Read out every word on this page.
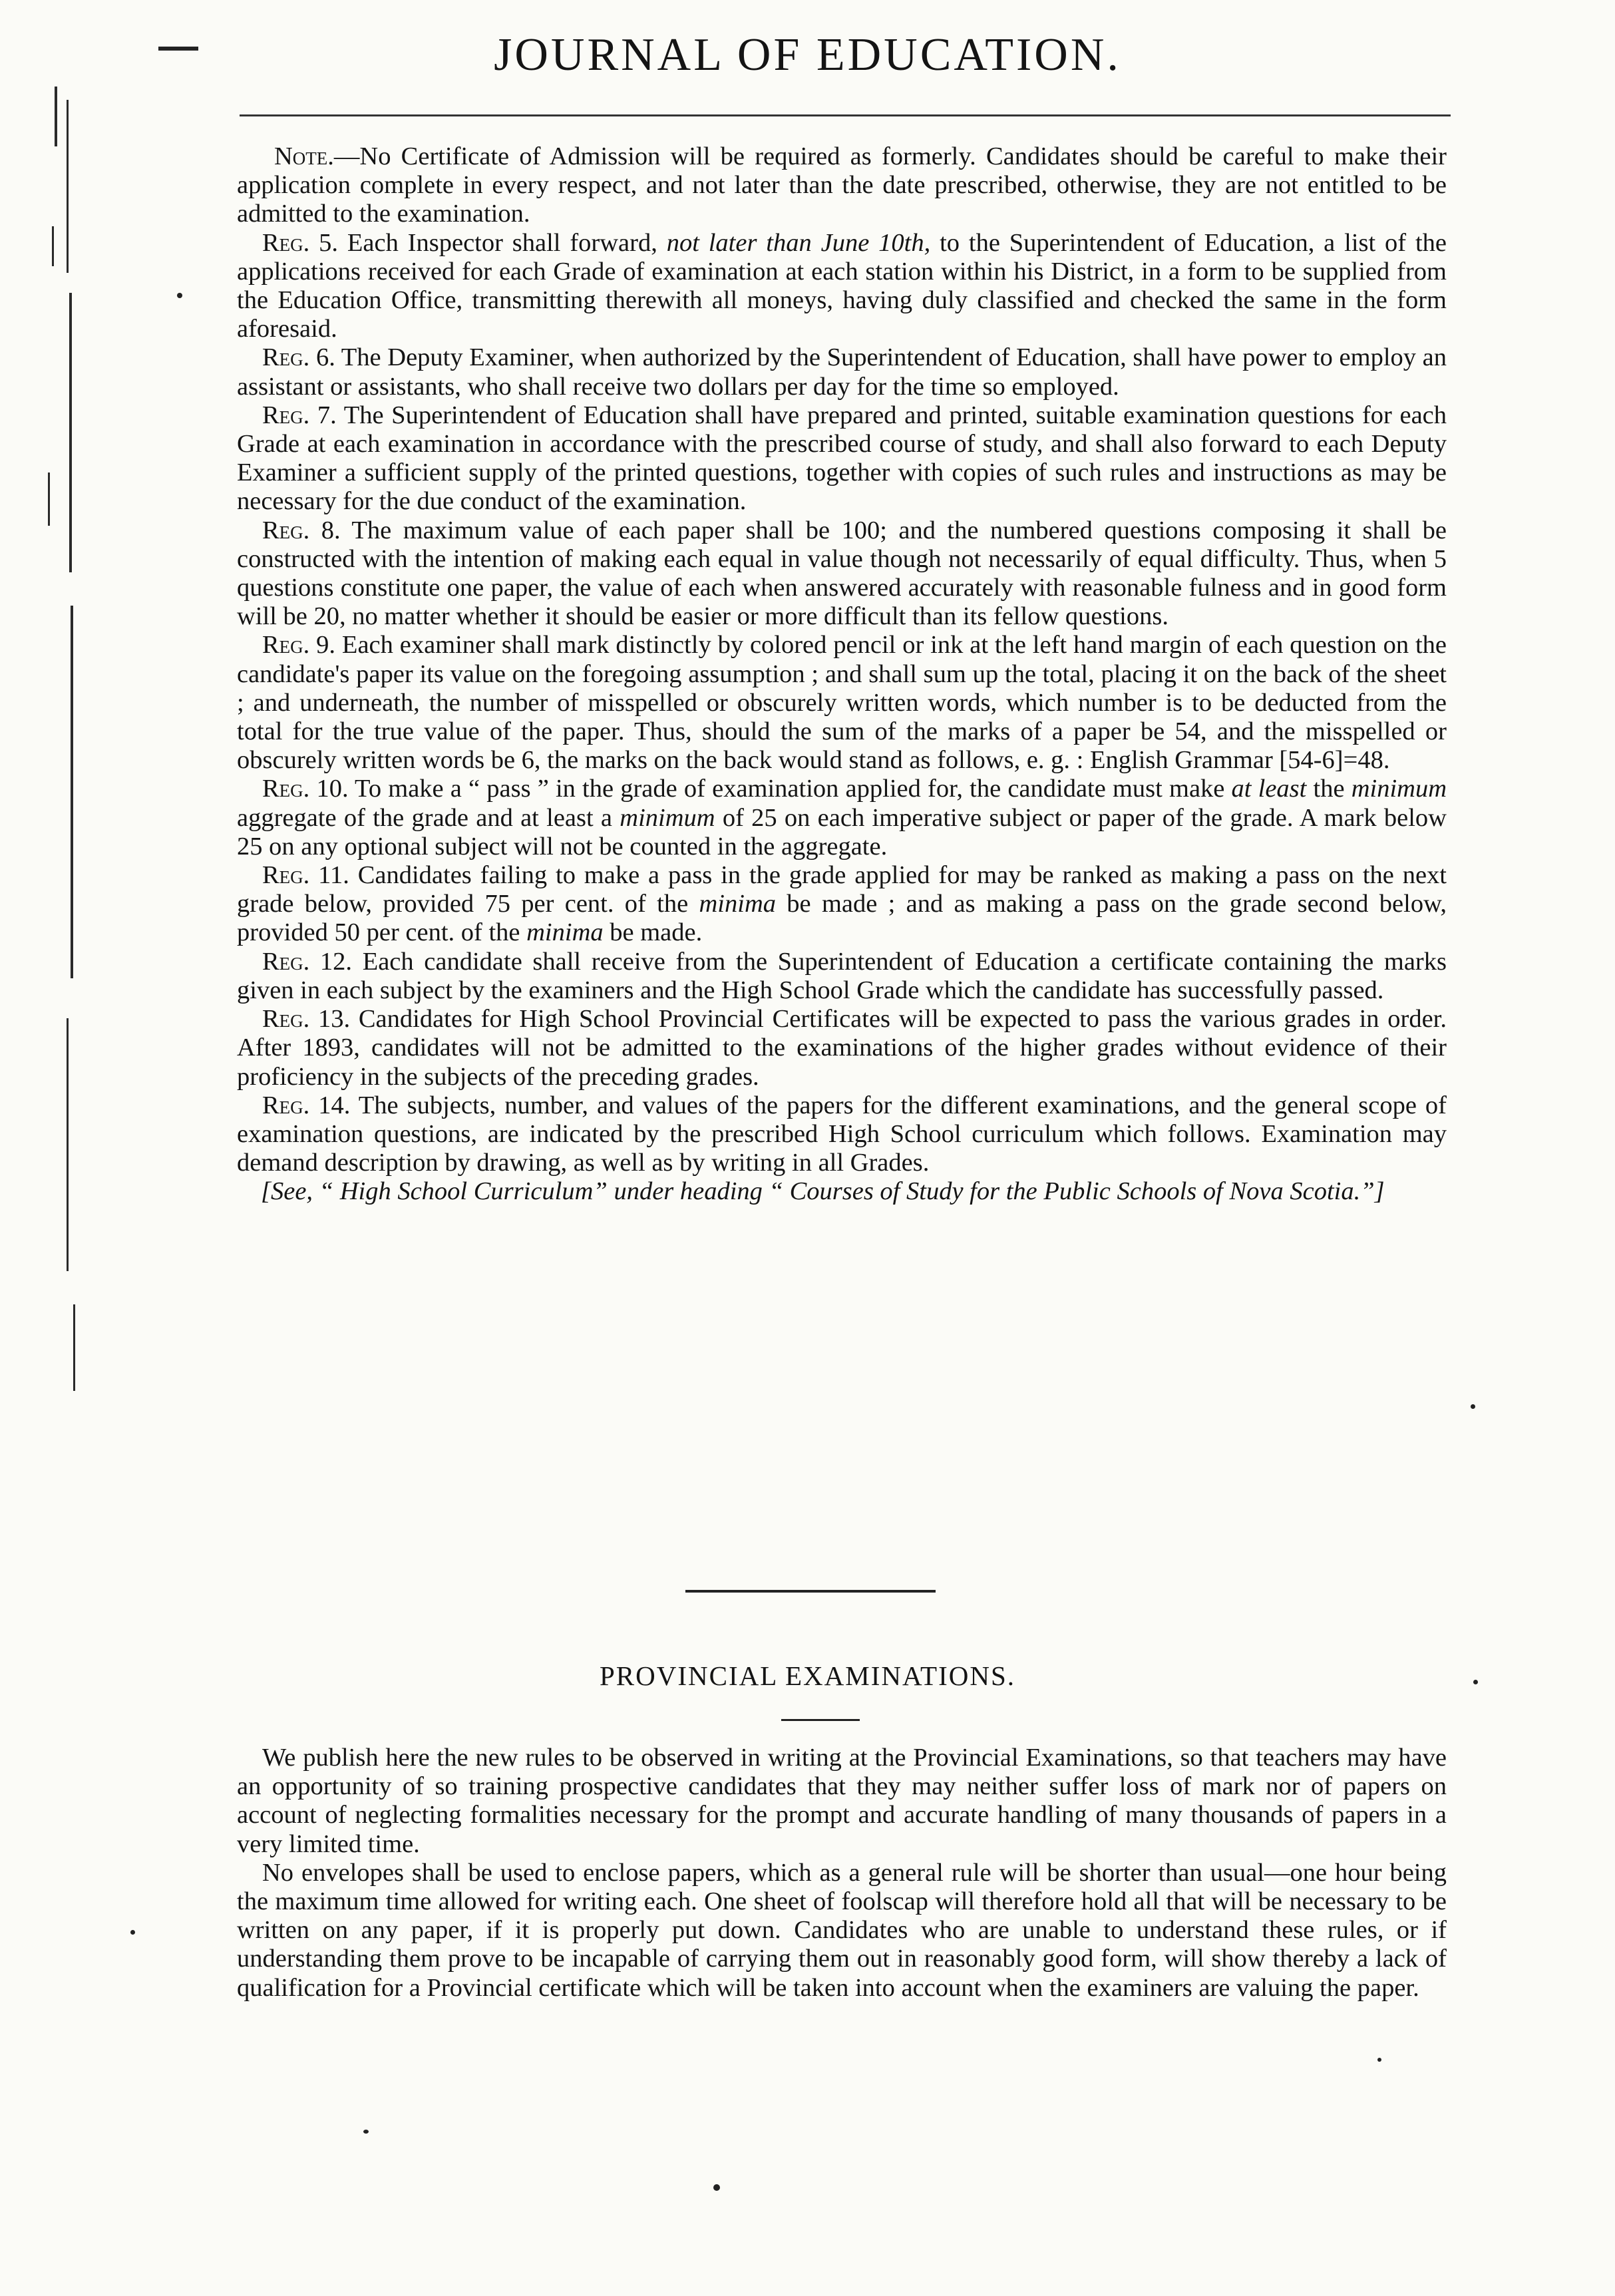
JOURNAL OF EDUCATION.

Note.—No Certificate of Admission will be required as formerly. Candidates should be careful to make their application complete in every respect, and not later than the date prescribed, otherwise, they are not entitled to be admitted to the examination.

Reg. 5. Each Inspector shall forward, not later than June 10th, to the Superintendent of Education, a list of the applications received for each Grade of examination at each station within his District, in a form to be supplied from the Education Office, transmitting therewith all moneys, having duly classified and checked the same in the form aforesaid.

Reg. 6. The Deputy Examiner, when authorized by the Superintendent of Education, shall have power to employ an assistant or assistants, who shall receive two dollars per day for the time so employed.

Reg. 7. The Superintendent of Education shall have prepared and printed, suitable examination questions for each Grade at each examination in accordance with the prescribed course of study, and shall also forward to each Deputy Examiner a sufficient supply of the printed questions, together with copies of such rules and instructions as may be necessary for the due conduct of the examination.

Reg. 8. The maximum value of each paper shall be 100; and the numbered questions composing it shall be constructed with the intention of making each equal in value though not necessarily of equal difficulty. Thus, when 5 questions constitute one paper, the value of each when answered accurately with reasonable fulness and in good form will be 20, no matter whether it should be easier or more difficult than its fellow questions.

Reg. 9. Each examiner shall mark distinctly by colored pencil or ink at the left hand margin of each question on the candidate's paper its value on the foregoing assumption ; and shall sum up the total, placing it on the back of the sheet ; and underneath, the number of misspelled or obscurely written words, which number is to be deducted from the total for the true value of the paper. Thus, should the sum of the marks of a paper be 54, and the misspelled or obscurely written words be 6, the marks on the back would stand as follows, e. g. : English Grammar [54-6]=48.

Reg. 10. To make a “ pass ” in the grade of examination applied for, the candidate must make at least the minimum aggregate of the grade and at least a minimum of 25 on each imperative subject or paper of the grade. A mark below 25 on any optional subject will not be counted in the aggregate.

Reg. 11. Candidates failing to make a pass in the grade applied for may be ranked as making a pass on the next grade below, provided 75 per cent. of the minima be made ; and as making a pass on the grade second below, provided 50 per cent. of the minima be made.

Reg. 12. Each candidate shall receive from the Superintendent of Education a certificate containing the marks given in each subject by the examiners and the High School Grade which the candidate has successfully passed.

Reg. 13. Candidates for High School Provincial Certificates will be expected to pass the various grades in order. After 1893, candidates will not be admitted to the examinations of the higher grades without evidence of their proficiency in the subjects of the preceding grades.

Reg. 14. The subjects, number, and values of the papers for the different examinations, and the general scope of examination questions, are indicated by the prescribed High School curriculum which follows. Examination may demand description by drawing, as well as by writing in all Grades.

[See, “ High School Curriculum” under heading “ Courses of Study for the Public Schools of Nova Scotia.”]

PROVINCIAL EXAMINATIONS.

We publish here the new rules to be observed in writing at the Provincial Examinations, so that teachers may have an opportunity of so training prospective candidates that they may neither suffer loss of mark nor of papers on account of neglecting formalities necessary for the prompt and accurate handling of many thousands of papers in a very limited time.

No envelopes shall be used to enclose papers, which as a general rule will be shorter than usual—one hour being the maximum time allowed for writing each. One sheet of foolscap will therefore hold all that will be necessary to be written on any paper, if it is properly put down. Candidates who are unable to understand these rules, or if understanding them prove to be incapable of carrying them out in reasonably good form, will show thereby a lack of qualification for a Provincial certificate which will be taken into account when the examiners are valuing the paper.
